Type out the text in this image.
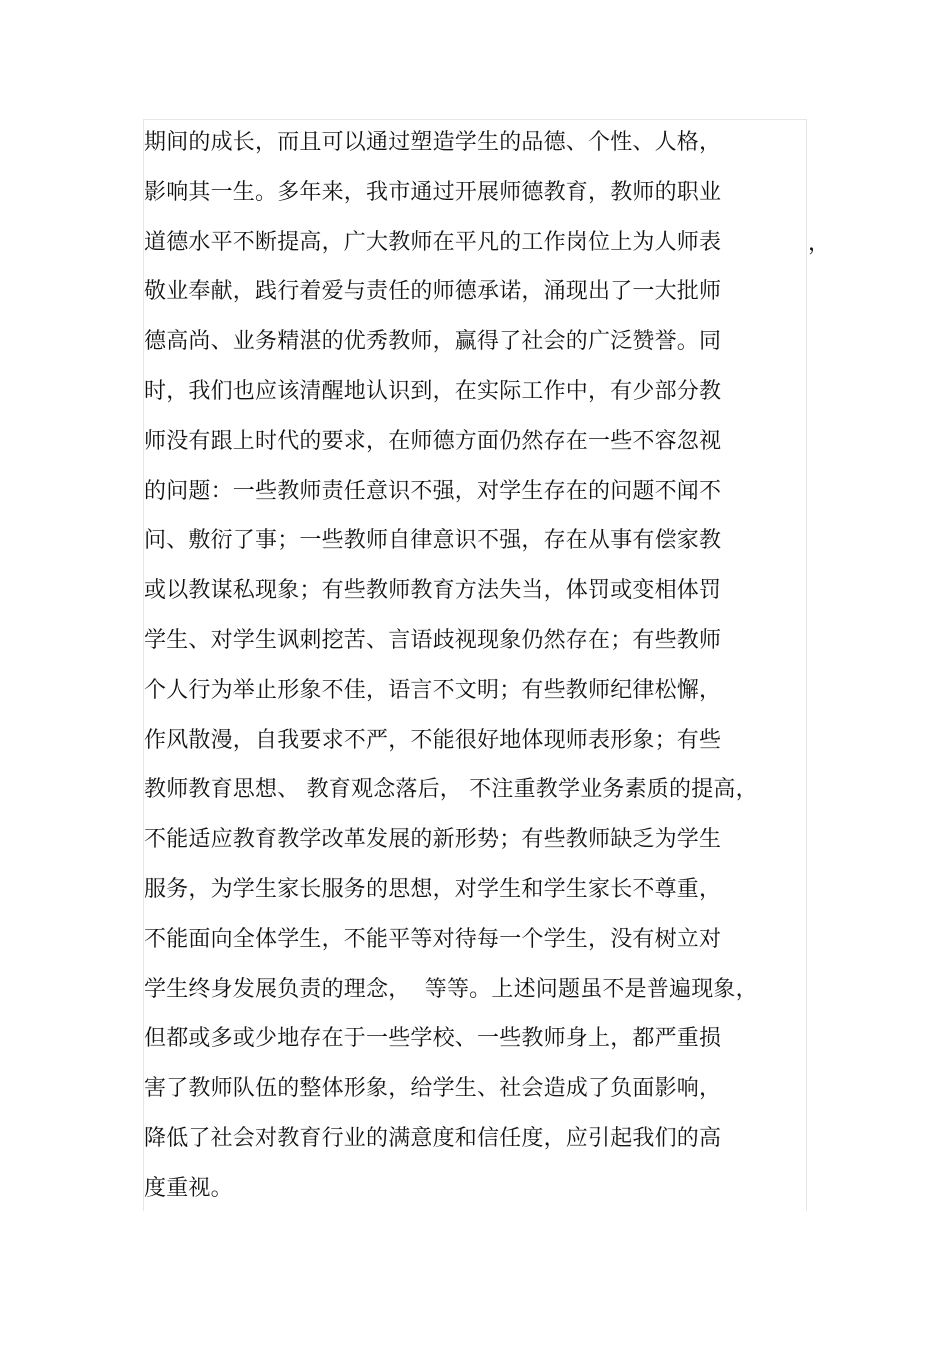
期间的成长，而且可以通过塑造学生的品德、个性、人格，
影响其一生。多年来，我市通过开展师德教育，教师的职业
道德水平不断提高，广大教师在平凡的工作岗位上为人师表
敬业奉献，践行着爱与责任的师德承诺，涌现出了一大批师
德高尚、业务精湛的优秀教师，赢得了社会的广泛赞誉。同
时，我们也应该清醒地认识到，在实际工作中，有少部分教
师没有跟上时代的要求，在师德方面仍然存在一些不容忽视
的问题：一些教师责任意识不强，对学生存在的问题不闻不
问、敷衍了事；一些教师自律意识不强，存在从事有偿家教
或以教谋私现象；有些教师教育方法失当，体罚或变相体罚
学生、对学生讽刺挖苦、言语歧视现象仍然存在；有些教师
个人行为举止形象不佳，语言不文明；有些教师纪律松懈，
作风散漫，自我要求不严，不能很好地体现师表形象；有些
教师教育思想、 教育观念落后， 不注重教学业务素质的提高，
不能适应教育教学改革发展的新形势；有些教师缺乏为学生
服务，为学生家长服务的思想，对学生和学生家长不尊重，
不能面向全体学生，不能平等对待每一个学生，没有树立对
学生终身发展负责的理念，  等等。上述问题虽不是普遍现象，
但都或多或少地存在于一些学校、一些教师身上，都严重损
害了教师队伍的整体形象，给学生、社会造成了负面影响，
降低了社会对教育行业的满意度和信任度，应引起我们的高
度重视。
，
